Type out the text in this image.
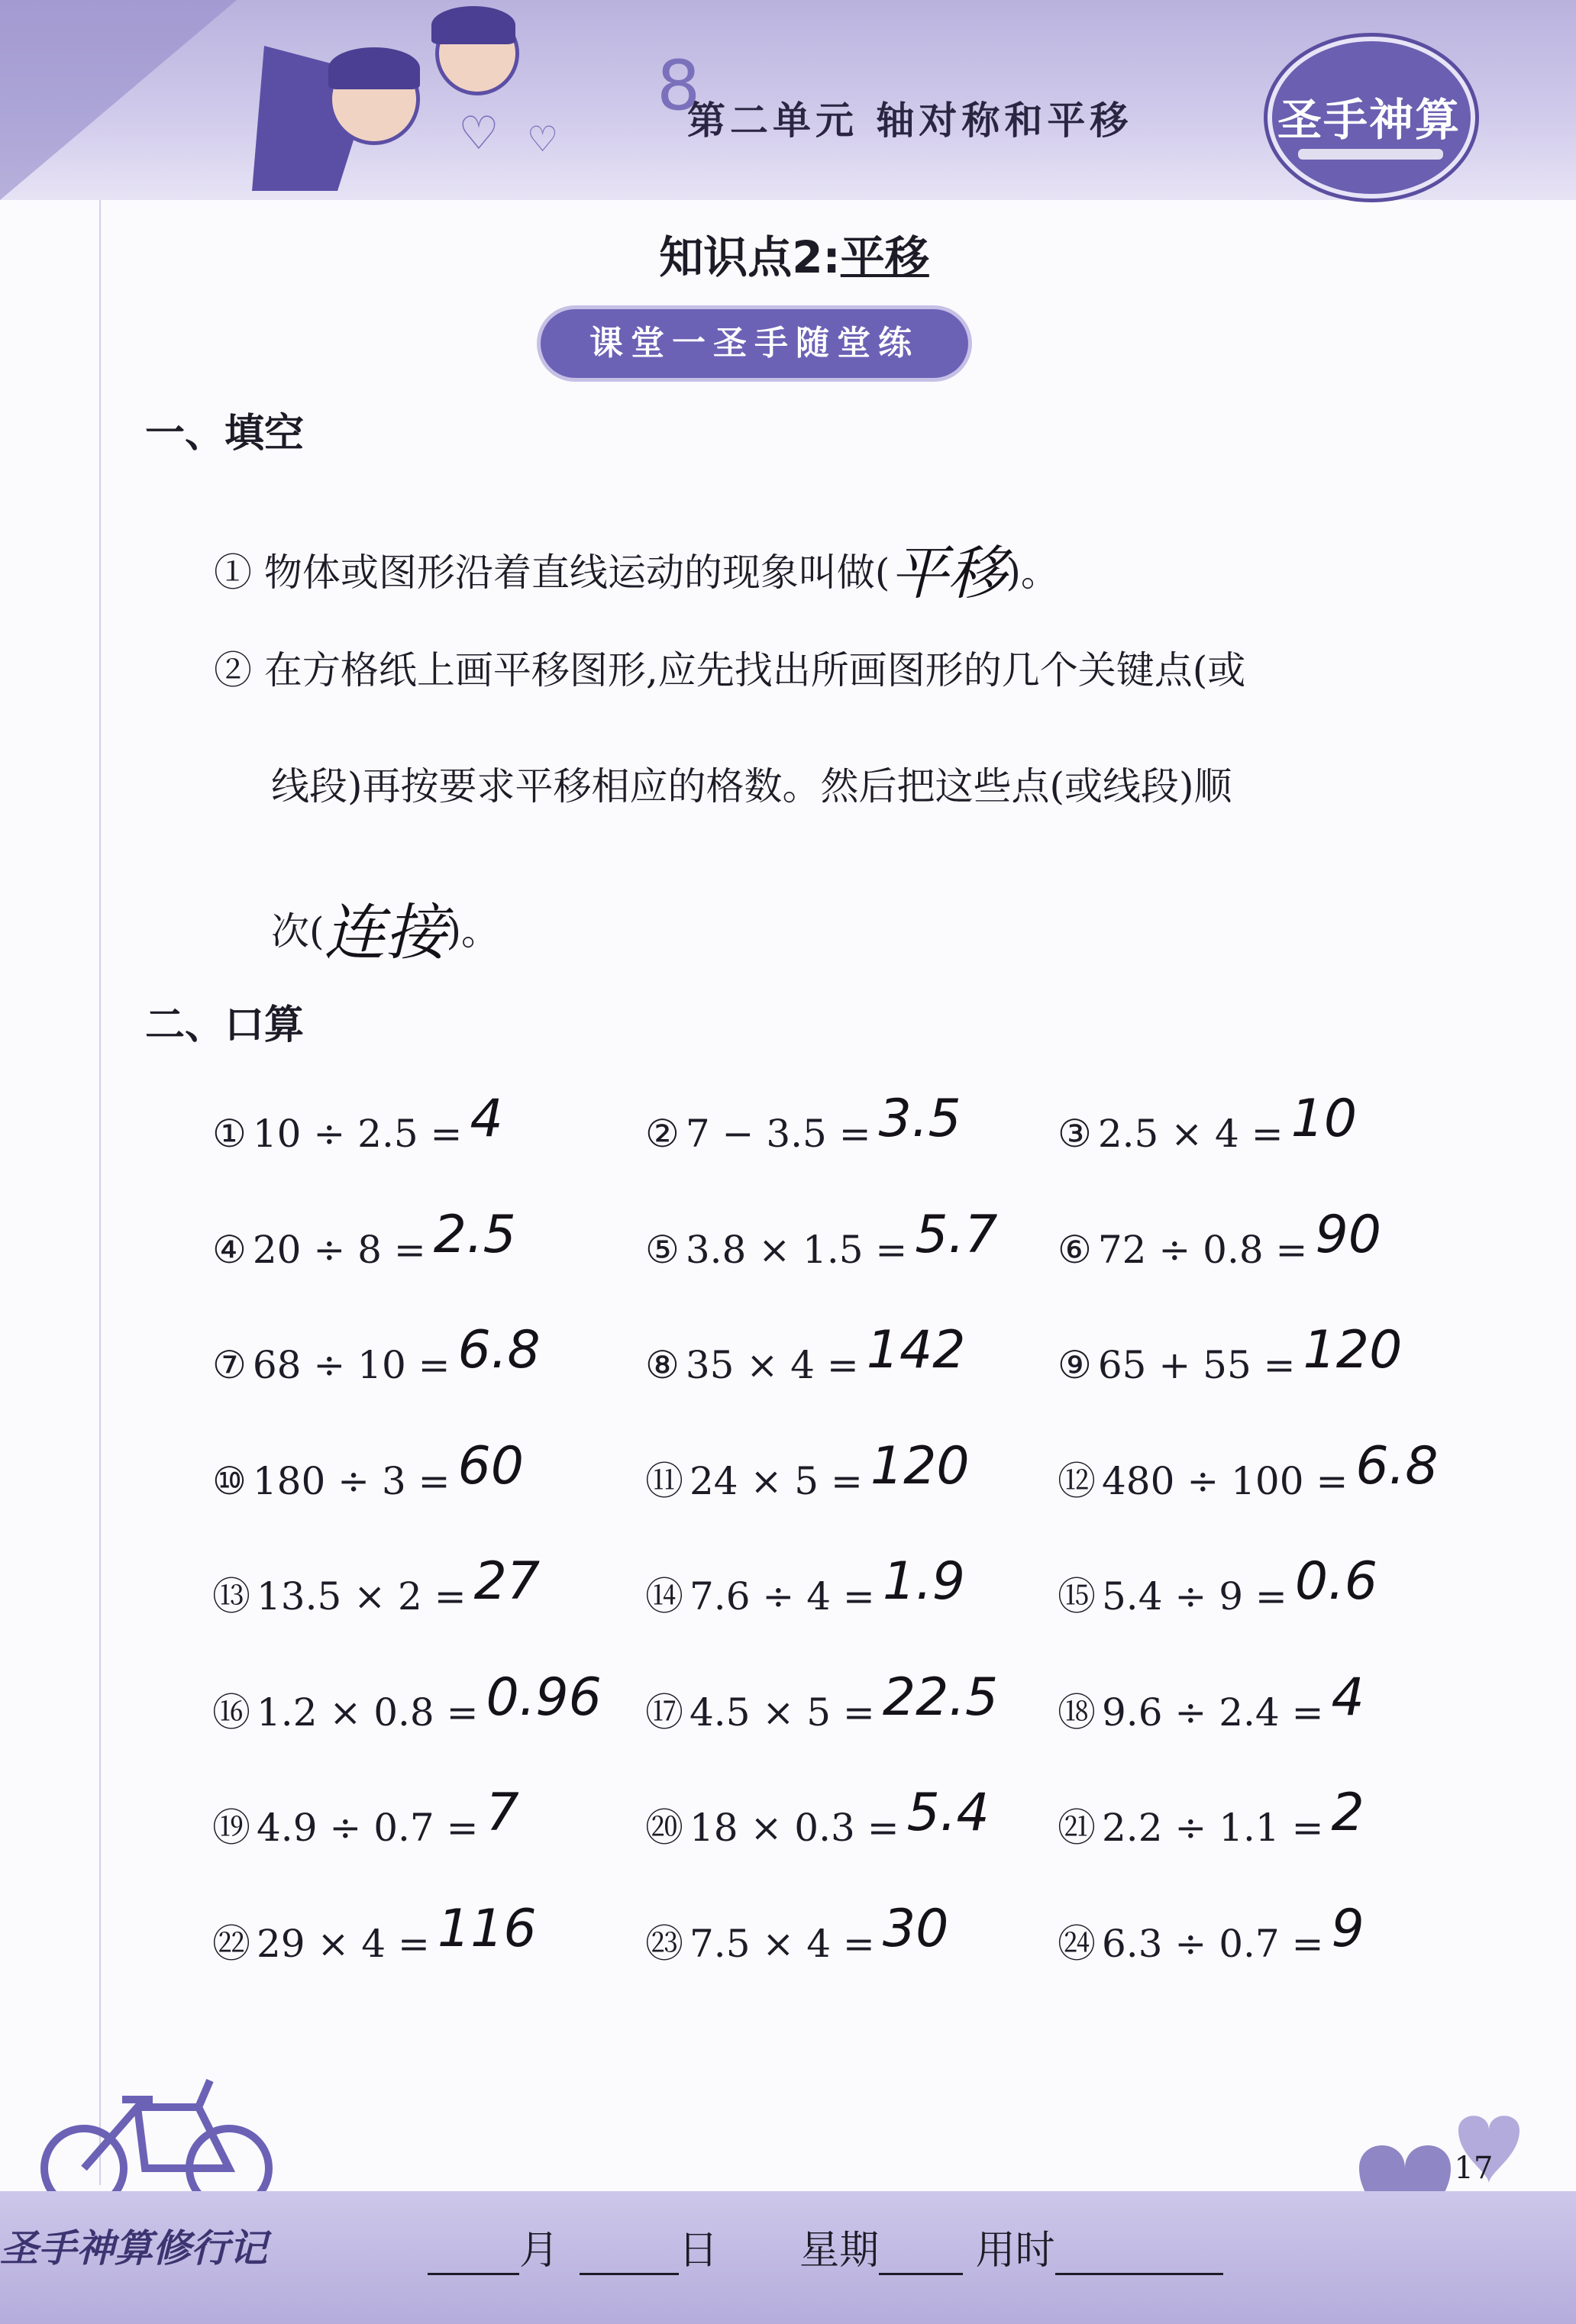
♡ ♡
8
第二单元 轴对称和平移	圣手神算
知识点2:平移
课堂一圣手随堂练
一、填空
① 物体或图形沿着直线运动的现象叫做(平移)。
② 在方格纸上画平移图形,应先找出所画图形的几个关键点(或
线段)再按要求平移相应的格数。然后把这些点(或线段)顺
次(连接)。
二、口算
① 10 ÷ 2.5 = 4	② 7 − 3.5 = 3.5	③ 2.5 × 4 = 10
④ 20 ÷ 8 = 2.5	⑤ 3.8 × 1.5 = 5.7 ⑥ 72 ÷ 0.8 = 90
⑦ 68 ÷ 10 = 6.8	⑧ 35 × 4 = 142 ⑨ 65 + 55 = 120
⑩ 180 ÷ 3 = 60	⑪ 24 × 5 = 120 ⑫ 480 ÷ 100 = 6.8
⑬ 13.5 × 2 = 27	⑭ 7.6 ÷ 4 = 1.9 ⑮ 5.4 ÷ 9 = 0.6
⑯ 1.2 × 0.8 = 0.96 ⑰ 4.5 × 5 = 22.5 ⑱ 9.6 ÷ 2.4 = 4
⑲ 4.9 ÷ 0.7 = 7	⑳ 18 × 0.3 = 5.4 ㉑ 2.2 ÷ 1.1 = 2
㉒ 29 × 4 = 116	㉓ 7.5 × 4 = 30	㉔ 6.3 ÷ 0.7 = 9
17
圣手神算修行记	月	日 星期 用时
